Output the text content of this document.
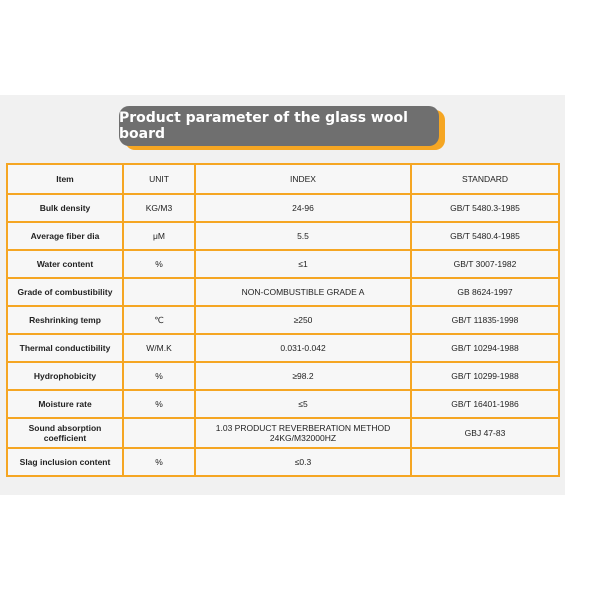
Product parameter of the glass wool board
Item	UNIT	INDEX	STANDARD
Bulk density	KG/M3	24-96	GB/T 5480.3-1985
Average fiber dia	μM	5.5	GB/T 5480.4-1985
Water content	%	≤1	GB/T 3007-1982
Grade of combustibility		NON-COMBUSTIBLE GRADE A	GB 8624-1997
Reshrinking temp	℃	≥250	GB/T 11835-1998
Thermal conductibility	W/M.K	0.031-0.042	GB/T 10294-1988
Hydrophobicity	%	≥98.2	GB/T 10299-1988
Moisture rate	%	≤5	GB/T 16401-1986
Sound absorption coefficient		1.03 PRODUCT REVERBERATION METHOD 24KG/M32000HZ	GBJ 47-83
Slag inclusion content	%	≤0.3	
